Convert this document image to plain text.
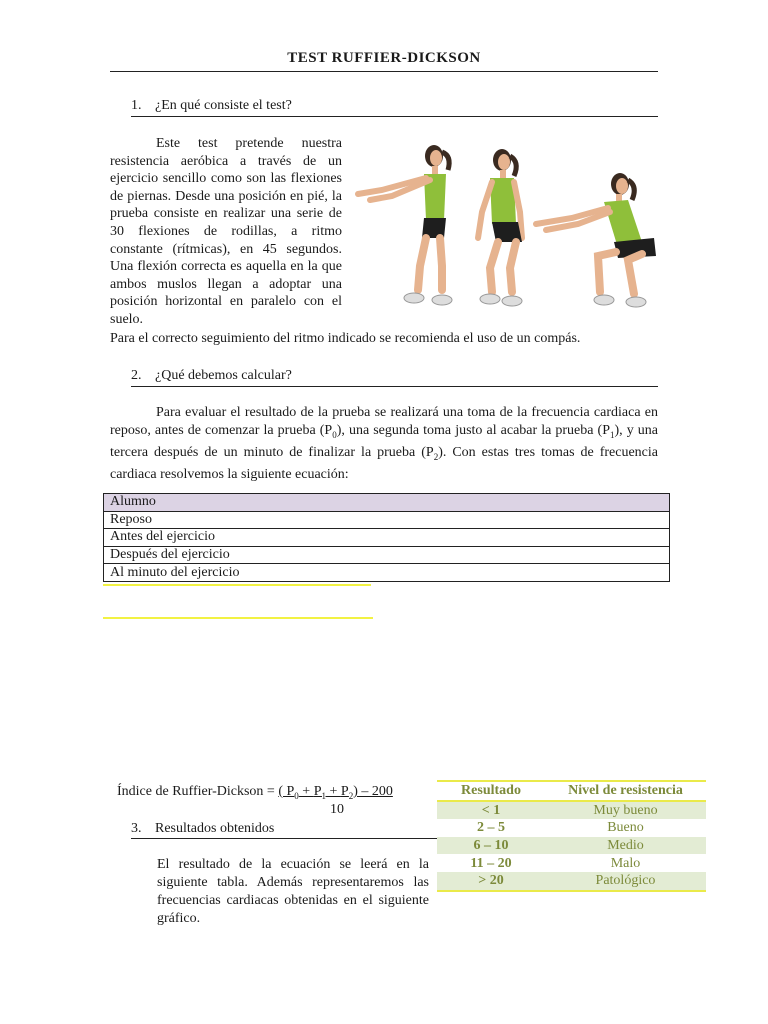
TEST RUFFIER-DICKSON
1. ¿En qué consiste el test?
Este test pretende nuestra resistencia aeróbica a través de un ejercicio sencillo como son las flexiones de piernas. Desde una posición en pié, la prueba consiste en realizar una serie de 30 flexiones de rodillas, a ritmo constante (rítmicas), en 45 segundos. Una flexión correcta es aquella en la que ambos muslos llegan a adoptar una posición horizontal en paralelo con el suelo.
Para el correcto seguimiento del ritmo indicado se recomienda el uso de un compás.
2. ¿Qué debemos calcular?
Para evaluar el resultado de la prueba se realizará una toma de la frecuencia cardiaca en reposo, antes de comenzar la prueba $(P_0)$, una segunda toma justo al acabar la prueba $(P_1)$, y una tercera después de un minuto de finalizar la prueba $(P_2)$. Con estas tres tomas de frecuencia cardiaca resolvemos la siguiente ecuación:
Alumno
Reposo
Antes del ejercicio
Después del ejercicio
Al minuto del ejercicio
Índice de Ruffier-Dickson = ( $P_0 + P_1 + P_2) - 200$
10
3. Resultados obtenidos
El resultado de la ecuación se leerá en la siguiente tabla. Además representaremos las frecuencias cardiacas obtenidas en el siguiente gráfico.
Resultado	Nivel de resistencia
< 1	Muy bueno
2 – 5	Bueno
6 – 10	Medio
11 – 20	Malo
> 20	Patológico
